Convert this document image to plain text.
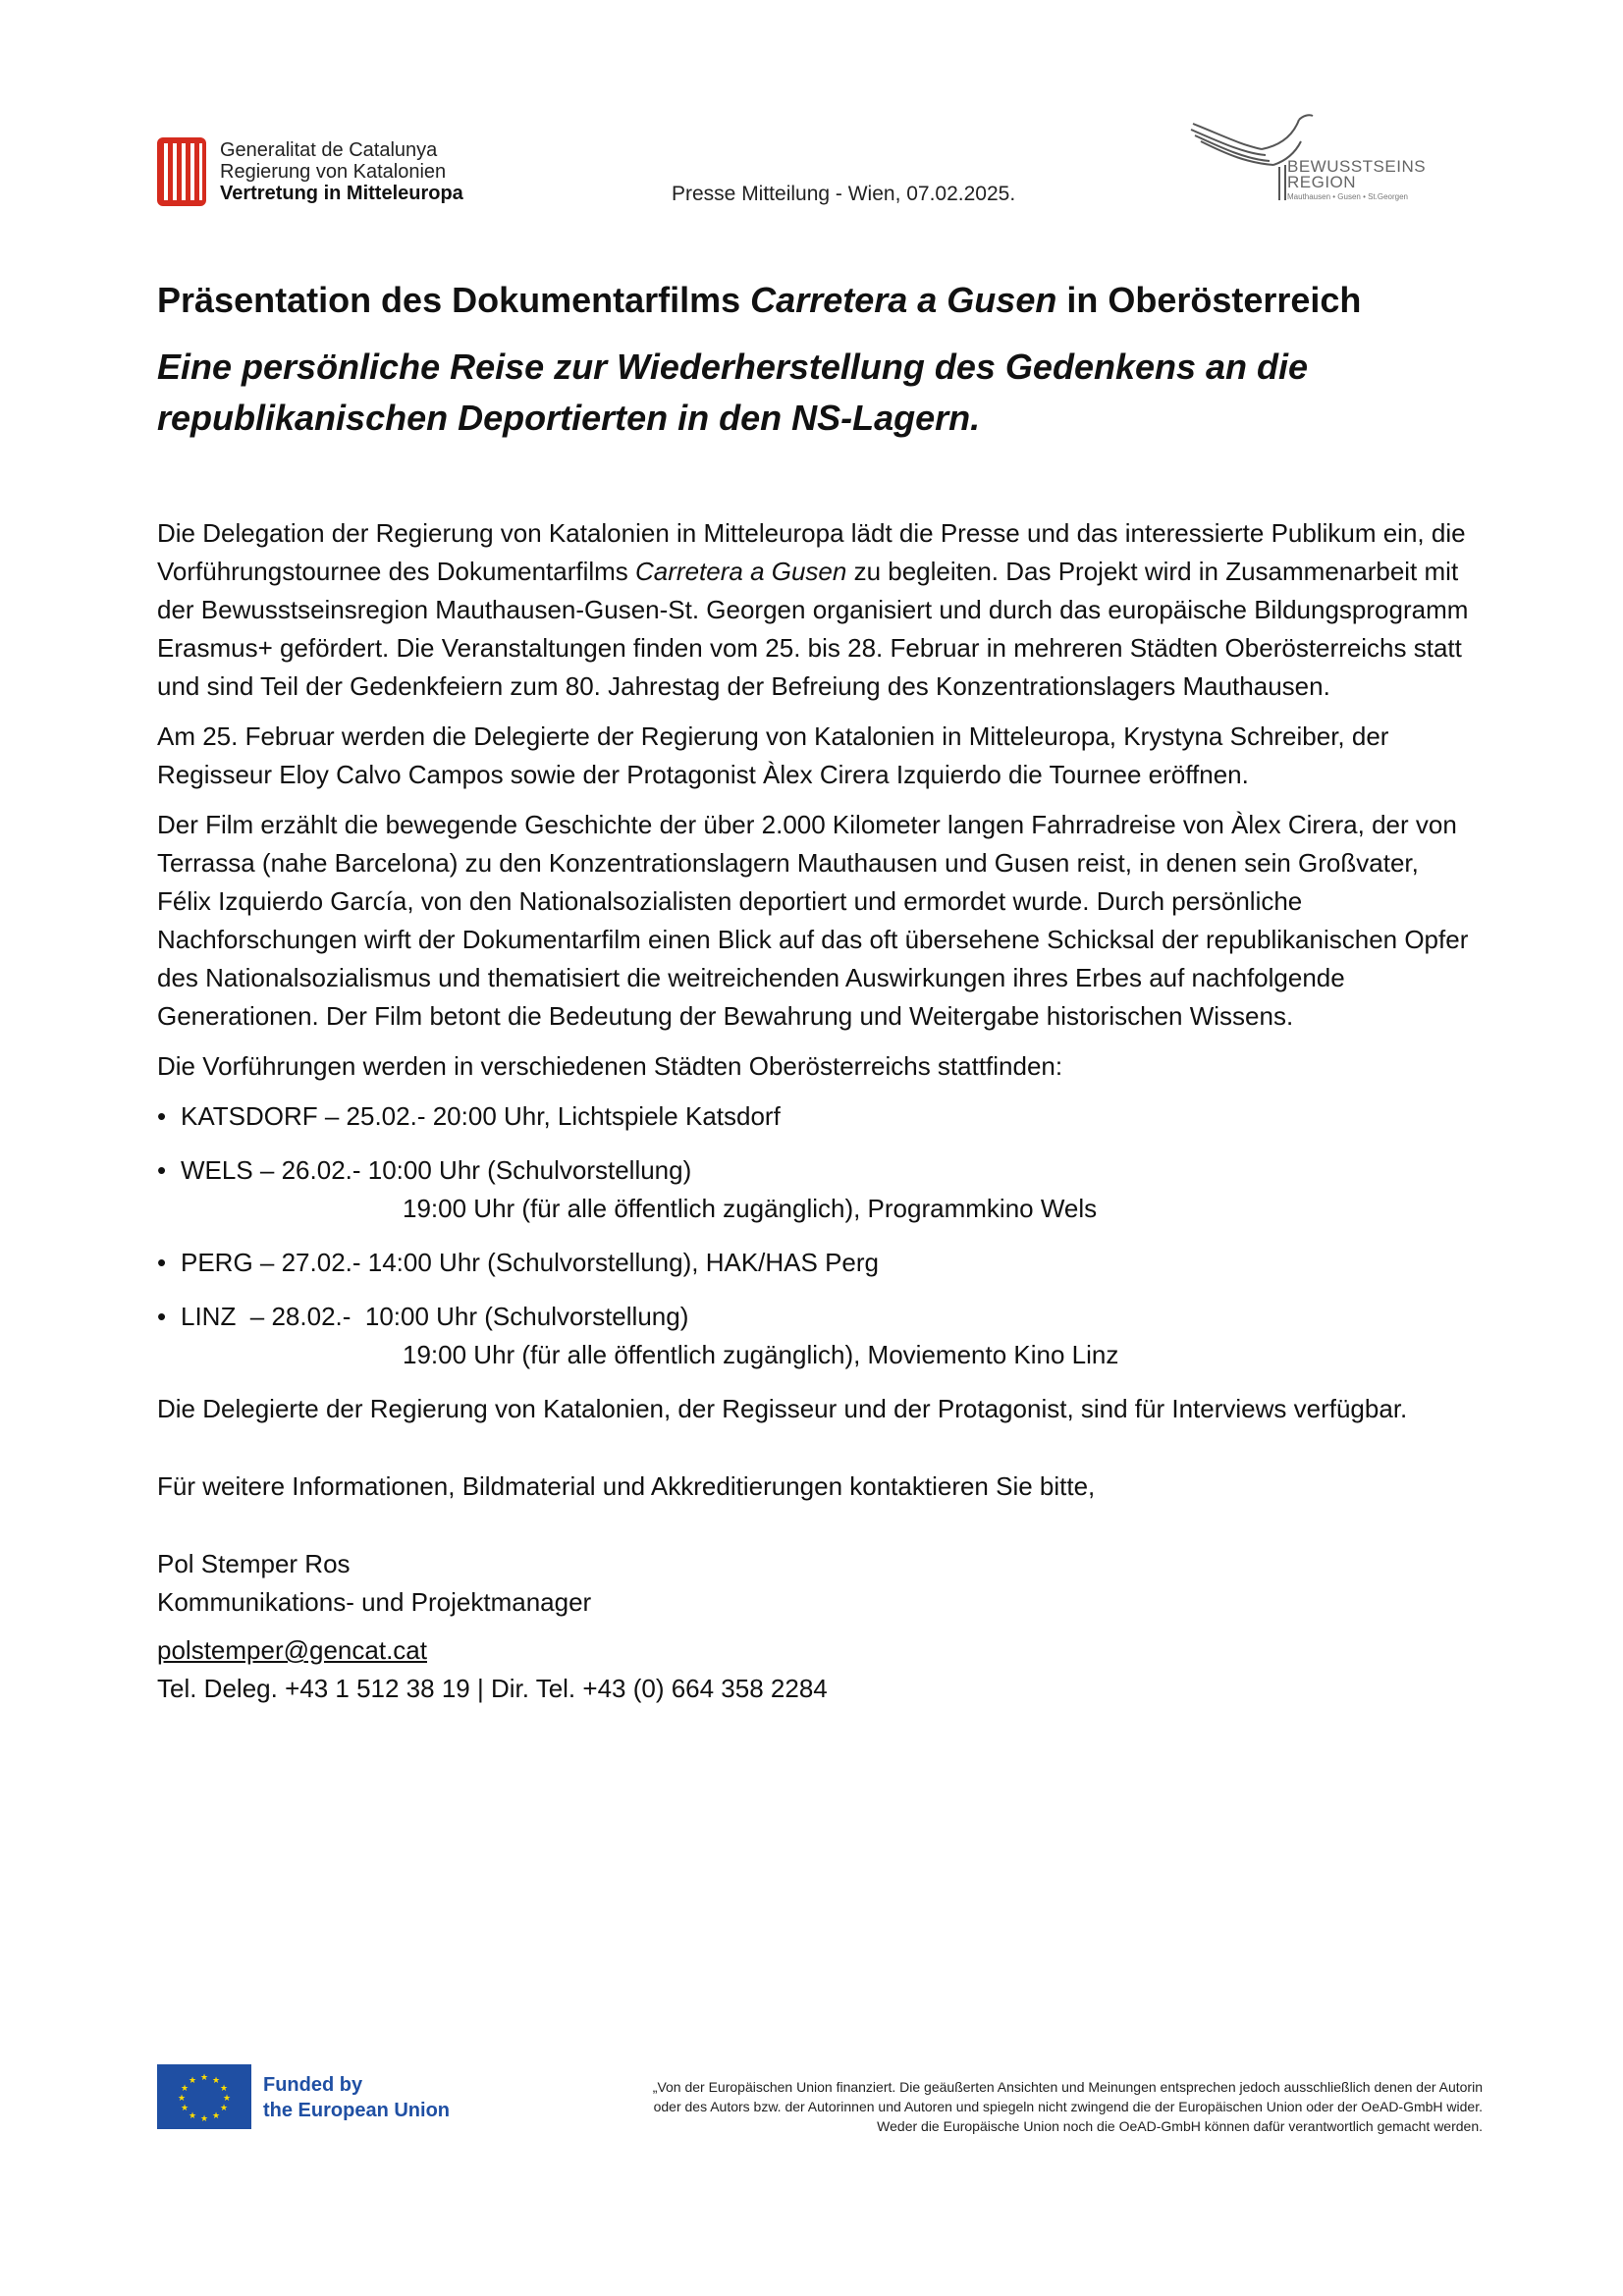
Generalitat de Catalunya
Regierung von Katalonien
Vertretung in Mitteleuropa	Presse Mitteilung - Wien, 07.02.2025.
BEWUSSTSEINS
REGION
Mauthausen • Gusen • St.Georgen
Präsentation des Dokumentarfilms Carretera a Gusen in Oberösterreich
Eine persönliche Reise zur Wiederherstellung des Gedenkens an die republikanischen Deportierten in den NS-Lagern.

Die Delegation der Regierung von Katalonien in Mitteleuropa lädt die Presse und das interessierte Publikum ein, die Vorführungstournee des Dokumentarfilms Carretera a Gusen zu begleiten. Das Projekt wird in Zusammenarbeit mit der Bewusstseinsregion Mauthausen-Gusen-St. Georgen organisiert und durch das europäische Bildungsprogramm Erasmus+ gefördert. Die Veranstaltungen finden vom 25. bis 28. Februar in mehreren Städten Oberösterreichs statt und sind Teil der Gedenkfeiern zum 80. Jahrestag der Befreiung des Konzentrationslagers Mauthausen.

Am 25. Februar werden die Delegierte der Regierung von Katalonien in Mitteleuropa, Krystyna Schreiber, der Regisseur Eloy Calvo Campos sowie der Protagonist Àlex Cirera Izquierdo die Tournee eröffnen.

Der Film erzählt die bewegende Geschichte der über 2.000 Kilometer langen Fahrradreise von Àlex Cirera, der von Terrassa (nahe Barcelona) zu den Konzentrationslagern Mauthausen und Gusen reist, in denen sein Großvater, Félix Izquierdo García, von den Nationalsozialisten deportiert und ermordet wurde. Durch persönliche Nachforschungen wirft der Dokumentarfilm einen Blick auf das oft übersehene Schicksal der republikanischen Opfer des Nationalsozialismus und thematisiert die weitreichenden Auswirkungen ihres Erbes auf nachfolgende Generationen. Der Film betont die Bedeutung der Bewahrung und Weitergabe historischen Wissens.

Die Vorführungen werden in verschiedenen Städten Oberösterreichs stattfinden:

• KATSDORF – 25.02.- 20:00 Uhr, Lichtspiele Katsdorf
• WELS – 26.02.- 10:00 Uhr (Schulvorstellung)
19:00 Uhr (für alle öffentlich zugänglich), Programmkino Wels
• PERG – 27.02.- 14:00 Uhr (Schulvorstellung), HAK/HAS Perg
• LINZ  – 28.02.-  10:00 Uhr (Schulvorstellung)
19:00 Uhr (für alle öffentlich zugänglich), Moviemento Kino Linz

Die Delegierte der Regierung von Katalonien, der Regisseur und der Protagonist, sind für Interviews verfügbar.

Für weitere Informationen, Bildmaterial und Akkreditierungen kontaktieren Sie bitte,

Pol Stemper Ros
Kommunikations- und Projektmanager
polstemper@gencat.cat
Tel. Deleg. +43 1 512 38 19 | Dir. Tel. +43 (0) 664 358 2284
★ ★
★
★
★
★
★
★
★
★
★
★	Funded by
the European Union
„Von der Europäischen Union finanziert. Die geäußerten Ansichten und Meinungen entsprechen jedoch ausschließlich denen der Autorin
oder des Autors bzw. der Autorinnen und Autoren und spiegeln nicht zwingend die der Europäischen Union oder der OeAD-GmbH wider.
Weder die Europäische Union noch die OeAD-GmbH können dafür verantwortlich gemacht werden.
